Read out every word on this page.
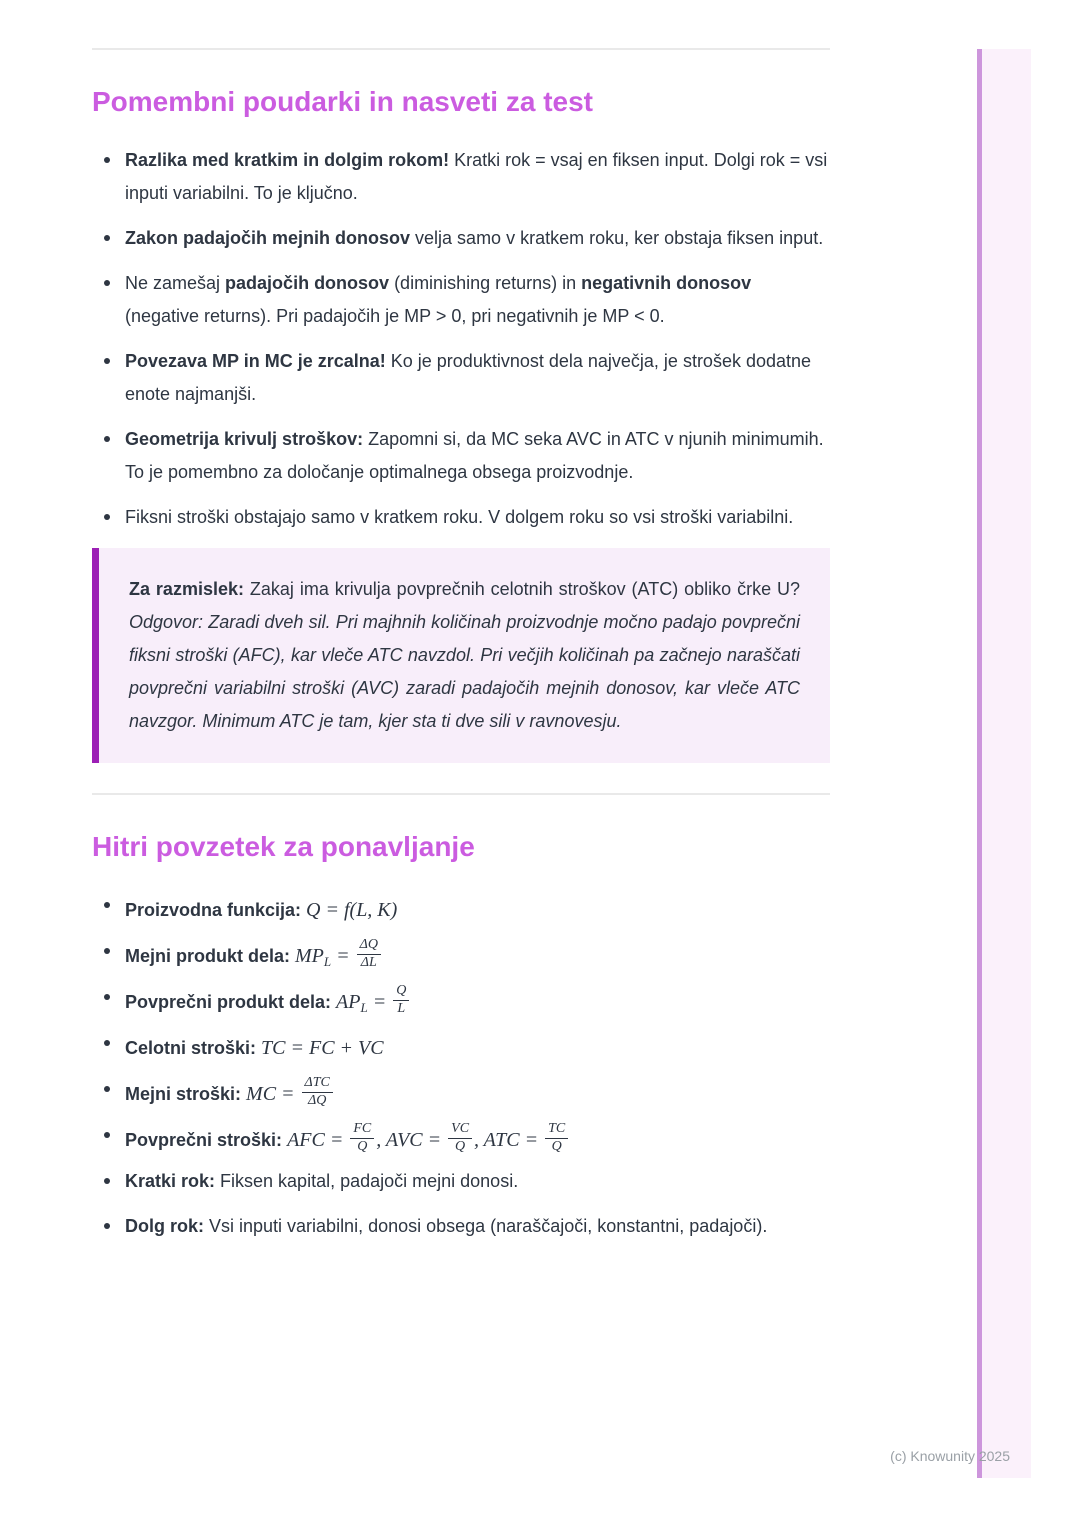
Pomembni poudarki in nasveti za test
Razlika med kratkim in dolgim rokom! Kratki rok = vsaj en fiksen input. Dolgi rok = vsi inputi variabilni. To je ključno.
Zakon padajočih mejnih donosov velja samo v kratkem roku, ker obstaja fiksen input.
Ne zamešaj padajočih donosov (diminishing returns) in negativnih donosov (negative returns). Pri padajočih je MP > 0, pri negativnih je MP < 0.
Povezava MP in MC je zrcalna! Ko je produktivnost dela največja, je strošek dodatne enote najmanjši.
Geometrija krivulj stroškov: Zapomni si, da MC seka AVC in ATC v njunih minimumih. To je pomembno za določanje optimalnega obsega proizvodnje.
Fiksni stroški obstajajo samo v kratkem roku. V dolgem roku so vsi stroški variabilni.

Za razmislek: Zakaj ima krivulja povprečnih celotnih stroškov (ATC) obliko črke U? Odgovor: Zaradi dveh sil. Pri majhnih količinah proizvodnje močno padajo povprečni fiksni stroški (AFC), kar vleče ATC navzdol. Pri večjih količinah pa začnejo naraščati povprečni variabilni stroški (AVC) zaradi padajočih mejnih donosov, kar vleče ATC navzgor. Minimum ATC je tam, kjer sta ti dve sili v ravnovesju.

Hitri povzetek za ponavljanje
Proizvodna funkcija: Q = f(L, K)
Mejni produkt dela: $MP_L = \frac{\Delta Q}{\Delta L}$
Povprečni produkt dela: $AP_L = \frac{Q}{L}$
Celotni stroški: TC = FC + VC
Mejni stroški: MC = $\frac{\text{ΔTC}}{\Delta Q}$
Povprečni stroški: AFC = $\frac{FC}{Q}$ , AVC = $\frac{VC}{Q}$ , ATC = $\frac{TC}{Q}$
Kratki rok: Fiksen kapital, padajoči mejni donosi.
Dolg rok: Vsi inputi variabilni, donosi obsega (naraščajoči, konstantni, padajoči).
(c) Knowunity 2025
